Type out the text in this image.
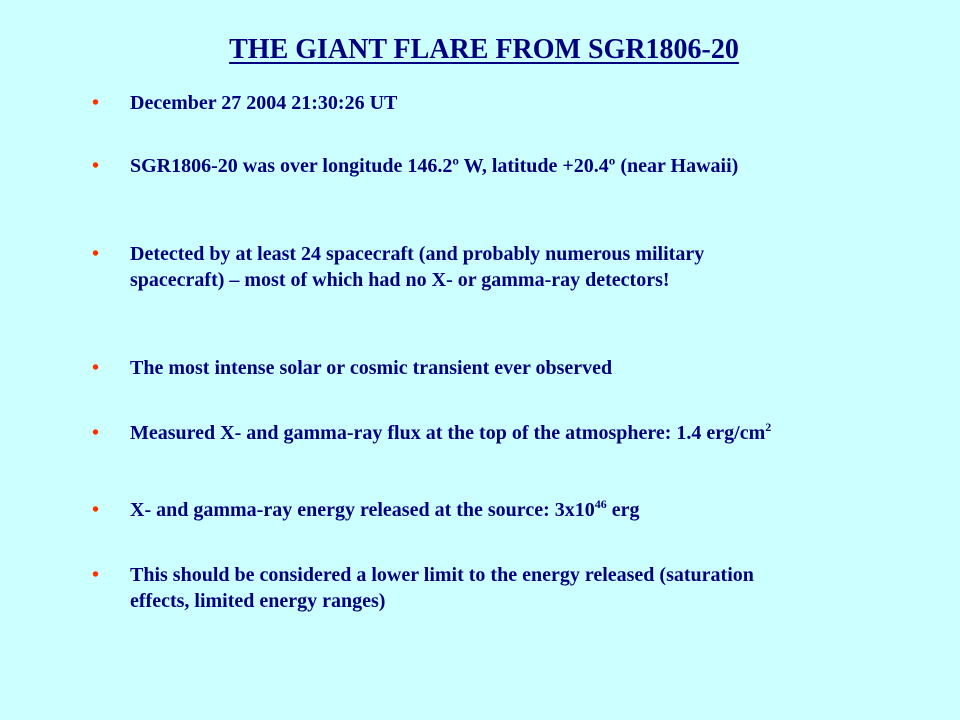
THE GIANT FLARE FROM SGR1806-20
• December 27 2004 21:30:26 UT
• SGR1806-20 was over longitude 146.2º W, latitude +20.4º (near Hawaii)
• Detected by at least 24 spacecraft (and probably numerous military spacecraft) – most of which had no X- or gamma-ray detectors!
• The most intense solar or cosmic transient ever observed
• Measured X- and gamma-ray flux at the top of the atmosphere: 1.4 erg/$cm^2$
• X- and gamma-ray energy released at the source: $3x10^{46}$ erg
• This should be considered a lower limit to the energy released (saturation effects, limited energy ranges)
